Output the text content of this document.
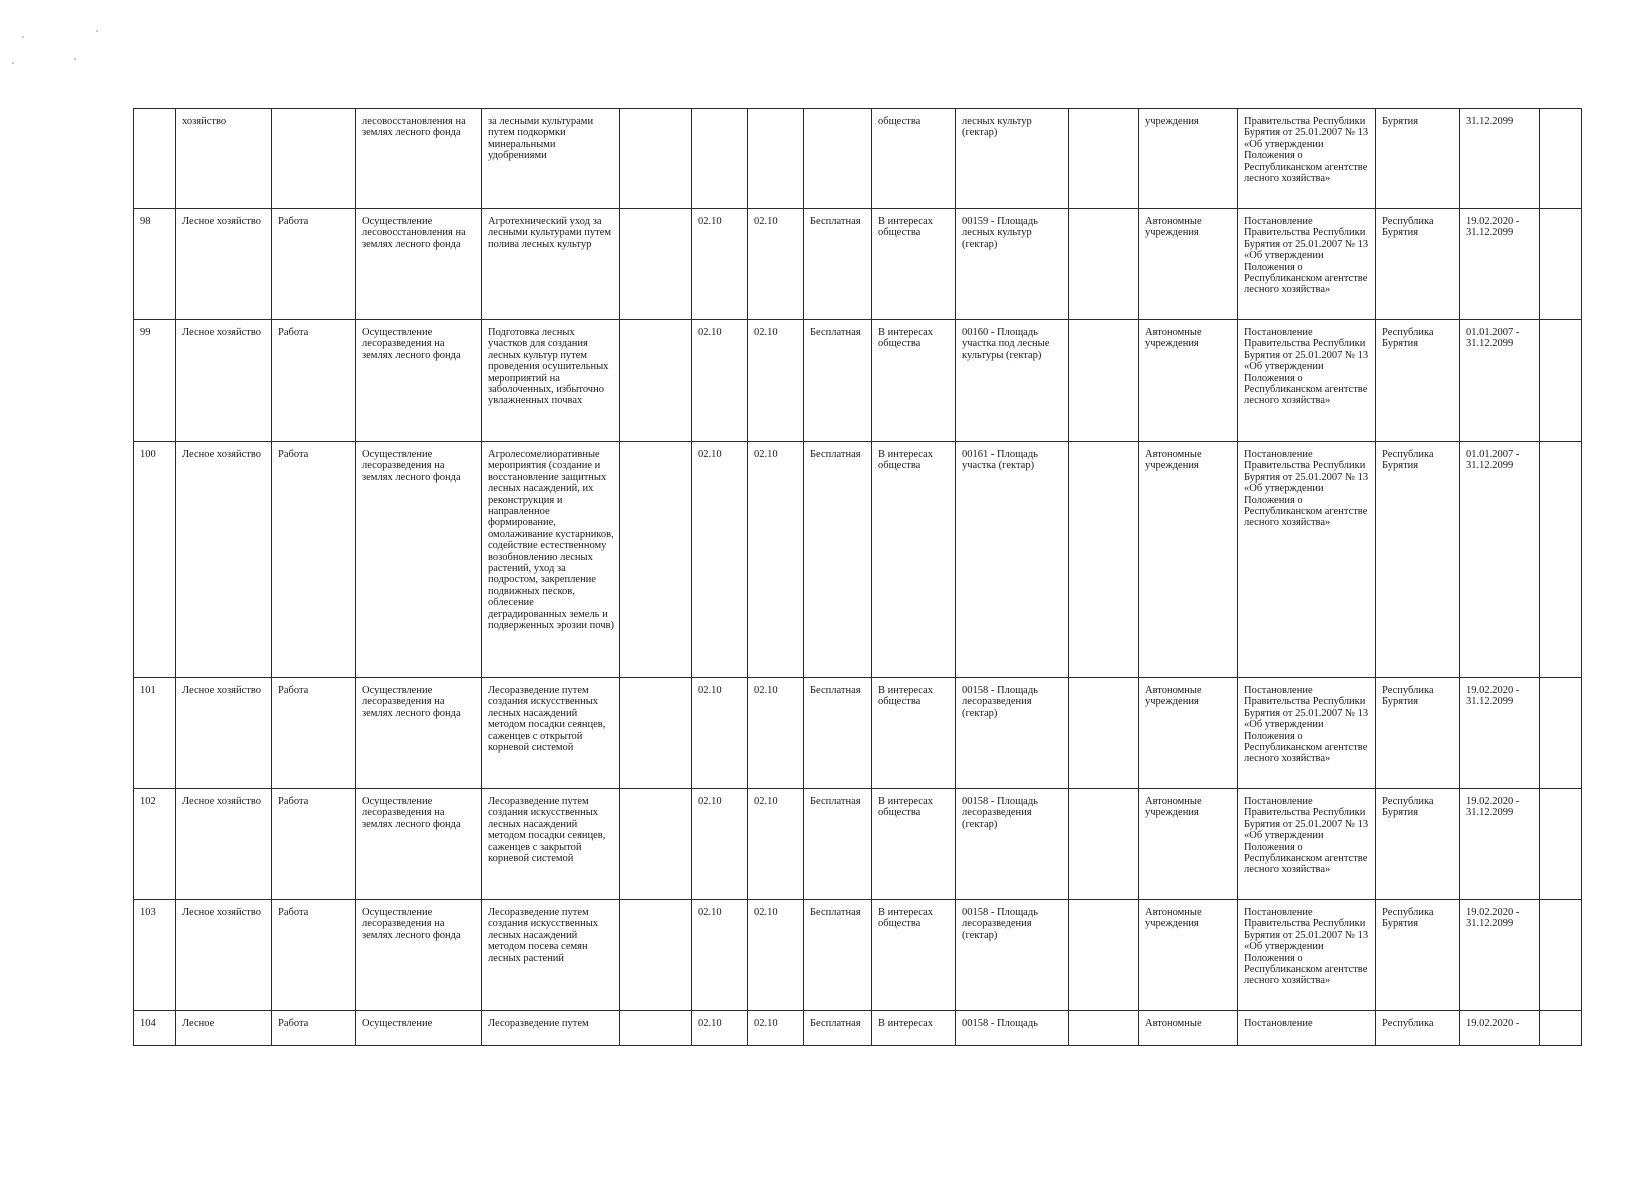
	хозяйство		лесовосстановления на землях лесного фонда	за лесными культурами путем подкормки минеральными удобрениями					общества	лесных культур (гектар)		учреждения	Правительства Республики Бурятия от 25.01.2007 № 13 «Об утверждении Положения о Республиканском агентстве лесного хозяйства»	Бурятия	31.12.2099	
98	Лесное хозяйство	Работа	Осуществление лесовосстановления на землях лесного фонда	Агротехнический уход за лесными культурами путем полива лесных культур		02.10	02.10	Бесплатная	В интересах общества	00159 - Площадь лесных культур (гектар)		Автономные учреждения	Постановление Правительства Республики Бурятия от 25.01.2007 № 13 «Об утверждении Положения о Республиканском агентстве лесного хозяйства»	Республика Бурятия	19.02.2020 - 31.12.2099	
99	Лесное хозяйство	Работа	Осуществление лесоразведения на землях лесного фонда	Подготовка лесных участков для создания лесных культур путем проведения осушительных мероприятий на заболоченных, избыточно увлажненных почвах		02.10	02.10	Бесплатная	В интересах общества	00160 - Площадь участка под лесные культуры (гектар)		Автономные учреждения	Постановление Правительства Республики Бурятия от 25.01.2007 № 13 «Об утверждении Положения о Республиканском агентстве лесного хозяйства»	Республика Бурятия	01.01.2007 - 31.12.2099	
100	Лесное хозяйство	Работа	Осуществление лесоразведения на землях лесного фонда	Агролесомелиоративные мероприятия (создание и восстановление защитных лесных насаждений, их реконструкция и направленное формирование, омолаживание кустарников, содействие естественному возобновлению лесных растений, уход за подростом, закрепление подвижных песков, облесение деградированных земель и подверженных эрозии почв)		02.10	02.10	Бесплатная	В интересах общества	00161 - Площадь участка (гектар)		Автономные учреждения	Постановление Правительства Республики Бурятия от 25.01.2007 № 13 «Об утверждении Положения о Республиканском агентстве лесного хозяйства»	Республика Бурятия	01.01.2007 - 31.12.2099	
101	Лесное хозяйство	Работа	Осуществление лесоразведения на землях лесного фонда	Лесоразведение путем создания искусственных лесных насаждений методом посадки сеянцев, саженцев с открытой корневой системой		02.10	02.10	Бесплатная	В интересах общества	00158 - Площадь лесоразведения (гектар)		Автономные учреждения	Постановление Правительства Республики Бурятия от 25.01.2007 № 13 «Об утверждении Положения о Республиканском агентстве лесного хозяйства»	Республика Бурятия	19.02.2020 - 31.12.2099	
102	Лесное хозяйство	Работа	Осуществление лесоразведения на землях лесного фонда	Лесоразведение путем создания искусственных лесных насаждений методом посадки сеянцев, саженцев с закрытой корневой системой		02.10	02.10	Бесплатная	В интересах общества	00158 - Площадь лесоразведения (гектар)		Автономные учреждения	Постановление Правительства Республики Бурятия от 25.01.2007 № 13 «Об утверждении Положения о Республиканском агентстве лесного хозяйства»	Республика Бурятия	19.02.2020 - 31.12.2099	
103	Лесное хозяйство	Работа	Осуществление лесоразведения на землях лесного фонда	Лесоразведение путем создания искусственных лесных насаждений методом посева семян лесных растений		02.10	02.10	Бесплатная	В интересах общества	00158 - Площадь лесоразведения (гектар)		Автономные учреждения	Постановление Правительства Республики Бурятия от 25.01.2007 № 13 «Об утверждении Положения о Республиканском агентстве лесного хозяйства»	Республика Бурятия	19.02.2020 - 31.12.2099	
104	Лесное	Работа	Осуществление	Лесоразведение путем		02.10	02.10	Бесплатная	В интересах	00158 - Площадь		Автономные	Постановление	Республика	19.02.2020 -	
